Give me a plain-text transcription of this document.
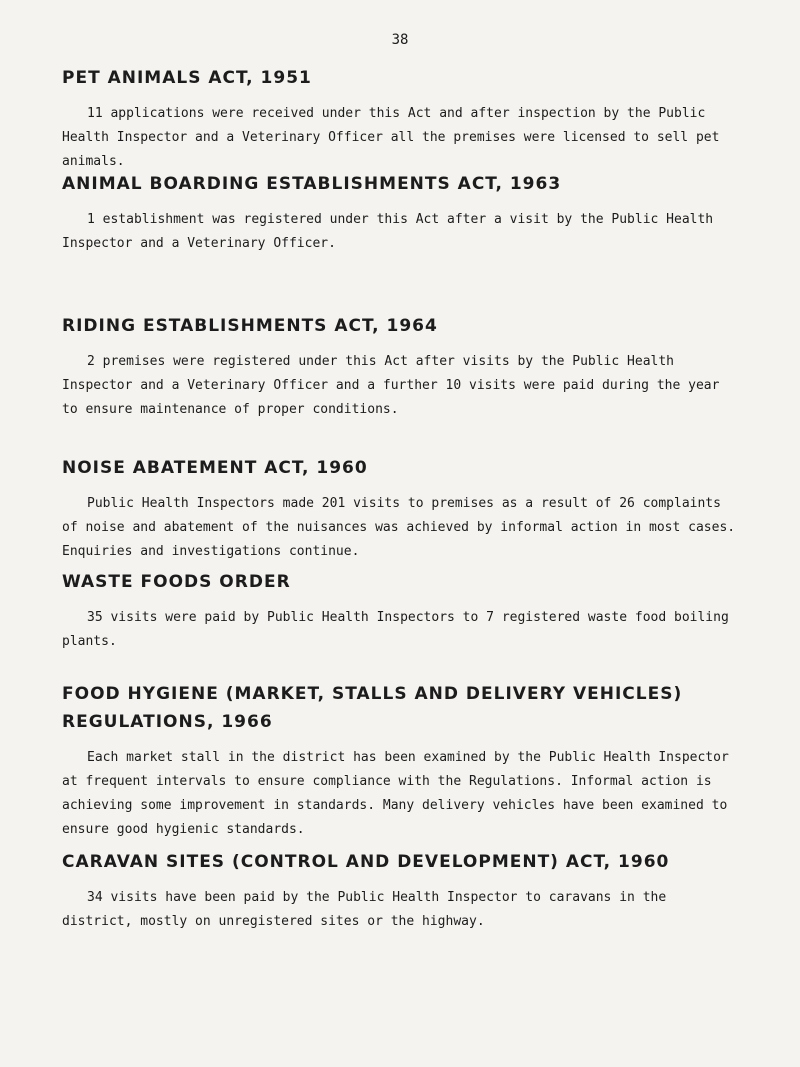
38
PET ANIMALS ACT, 1951

11 applications were received under this Act and after inspection by the Public Health Inspector and a Veterinary Officer all the premises were licensed to sell pet animals.

ANIMAL BOARDING ESTABLISHMENTS ACT, 1963

1 establishment was registered under this Act after a visit by the Public Health Inspector and a Veterinary Officer.

RIDING ESTABLISHMENTS ACT, 1964

2 premises were registered under this Act after visits by the Public Health Inspector and a Veterinary Officer and a further 10 visits were paid during the year to ensure maintenance of proper conditions.

NOISE ABATEMENT ACT, 1960

Public Health Inspectors made 201 visits to premises as a result of 26 complaints of noise and abatement of the nuisances was achieved by informal action in most cases. Enquiries and investigations continue.

WASTE FOODS ORDER

35 visits were paid by Public Health Inspectors to 7 registered waste food boiling plants.

FOOD HYGIENE (MARKET, STALLS AND DELIVERY VEHICLES) REGULATIONS, 1966

Each market stall in the district has been examined by the Public Health Inspector at frequent intervals to ensure compliance with the Regulations. Informal action is achieving some improvement in standards. Many delivery vehicles have been examined to ensure good hygienic standards.

CARAVAN SITES (CONTROL AND DEVELOPMENT) ACT, 1960

34 visits have been paid by the Public Health Inspector to caravans in the district, mostly on unregistered sites or the highway.
